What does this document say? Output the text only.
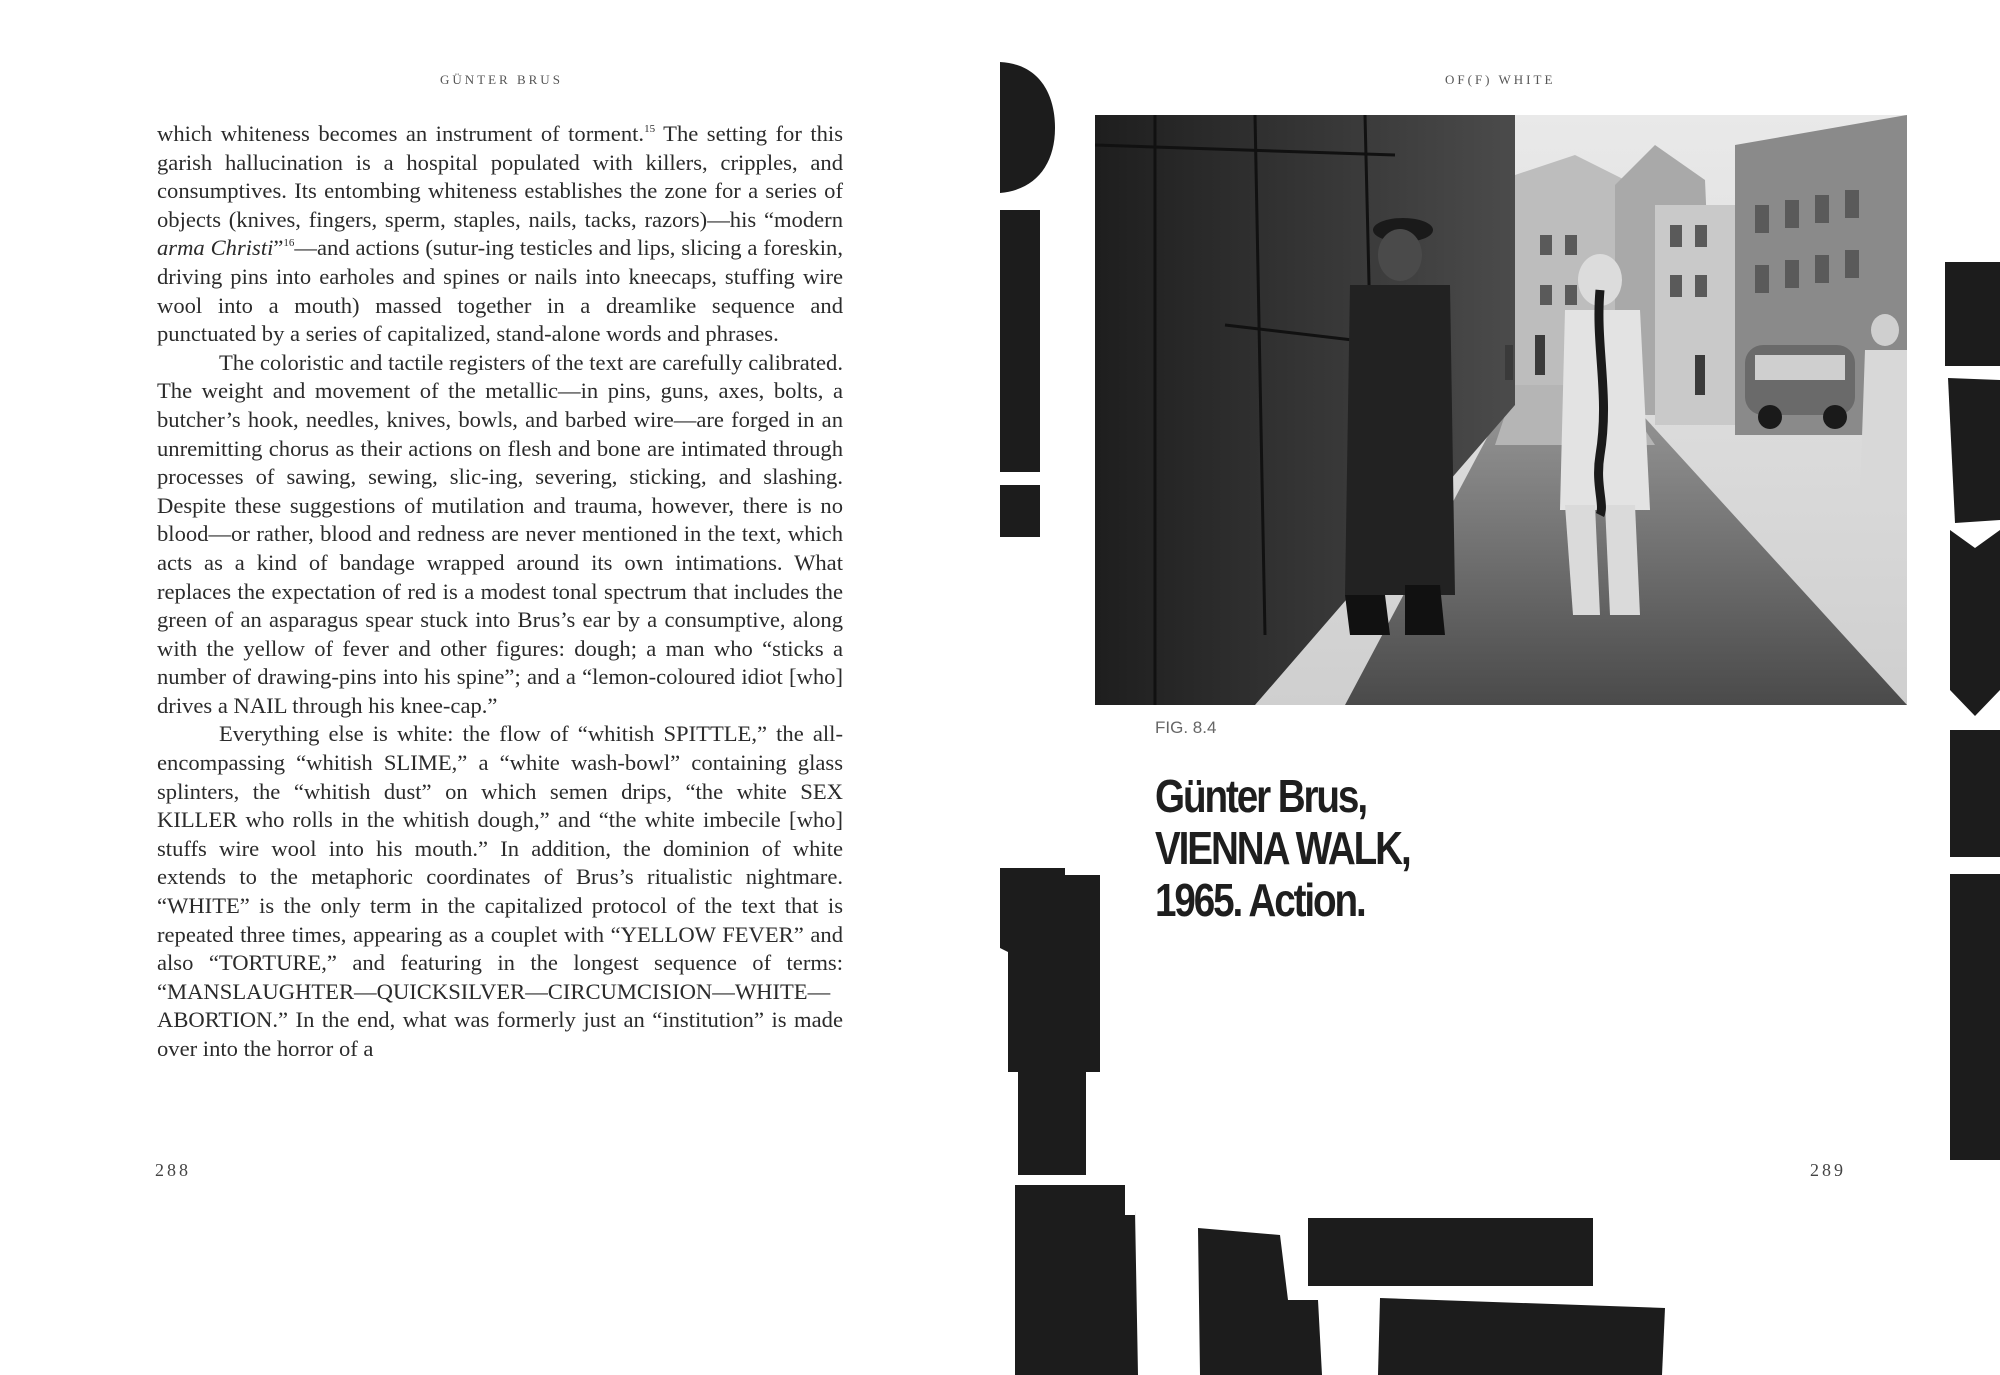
GÜNTER BRUS

which whiteness becomes an instrument of torment.$^{15}$ The setting for this garish hallucination is a hospital populated with killers, cripples, and consumptives. Its entombing whiteness establishes the zone for a series of objects (knives, fingers, sperm, staples, nails, tacks, razors)—his “modern arma Christi”$^{16}$—and actions (sutur-ing testicles and lips, slicing a foreskin, driving pins into earholes and spines or nails into kneecaps, stuffing wire wool into a mouth) massed together in a dreamlike sequence and punctuated by a series of capitalized, stand-alone words and phrases.

The coloristic and tactile registers of the text are carefully calibrated. The weight and movement of the metallic—in pins, guns, axes, bolts, a butcher’s hook, needles, knives, bowls, and barbed wire—are forged in an unremitting chorus as their actions on flesh and bone are intimated through processes of sawing, sewing, slic-ing, severing, sticking, and slashing. Despite these suggestions of mutilation and trauma, however, there is no blood—or rather, blood and redness are never mentioned in the text, which acts as a kind of bandage wrapped around its own intimations. What replaces the expectation of red is a modest tonal spectrum that includes the green of an asparagus spear stuck into Brus’s ear by a consumptive, along with the yellow of fever and other figures: dough; a man who “sticks a number of drawing-pins into his spine”; and a “lemon-coloured idiot [who] drives a NAIL through his knee-cap.”

Everything else is white: the flow of “whitish SPITTLE,” the all-encompassing “whitish SLIME,” a “white wash-bowl” containing glass splinters, the “whitish dust” on which semen drips, “the white SEX KILLER who rolls in the whitish dough,” and “the white imbecile [who] stuffs wire wool into his mouth.” In addition, the dominion of white extends to the metaphoric coordinates of Brus’s ritualistic nightmare. “WHITE” is the only term in the capitalized protocol of the text that is repeated three times, appearing as a couplet with “YELLOW FEVER” and also “TORTURE,” and featuring in the longest sequence of terms: “MANSLAUGHTER—QUICKSILVER—CIRCUMCISION—WHITE—ABORTION.” In the end, what was formerly just an “institution” is made over into the horror of a

288
OF(F) WHITE
FIG. 8.4
Günter Brus,
VIENNA WALK,
1965. Action.
289
